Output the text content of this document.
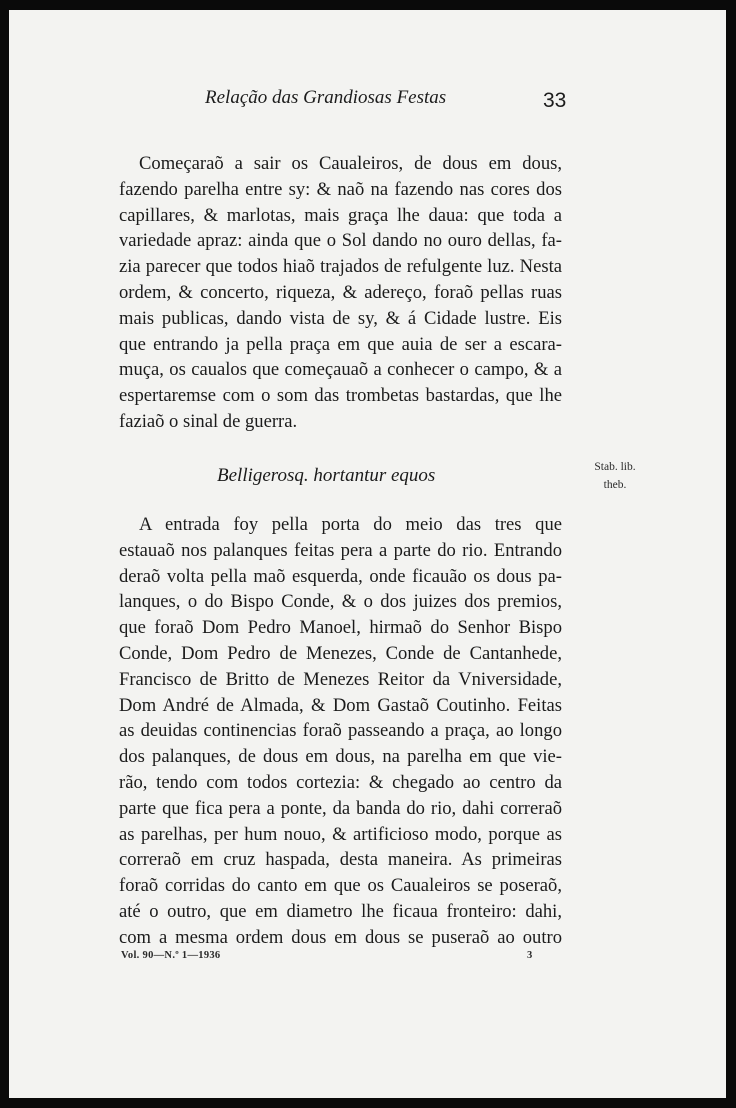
Relação das Grandiosas Festas	33
Começaraõ a sair os Caualeiros, de dous em dous,
fazendo parelha entre sy: & naõ na fazendo nas cores dos
capillares, & marlotas, mais graça lhe daua: que toda a
variedade apraz: ainda que o Sol dando no ouro dellas, fa-
zia parecer que todos hiaõ trajados de refulgente luz. Nesta
ordem, & concerto, riqueza, & adereço, foraõ pellas ruas
mais publicas, dando vista de sy, & á Cidade lustre. Eis
que entrando ja pella praça em que auia de ser a escara-
muça, os caualos que começauaõ a conhecer o campo, & a
espertaremse com o som das trombetas bastardas, que lhe
faziaõ o sinal de guerra.
Belligerosq. hortantur equos	Stab. lib.
theb.
A entrada foy pella porta do meio das tres que
estauaõ nos palanques feitas pera a parte do rio. Entrando
deraõ volta pella maõ esquerda, onde ficauão os dous pa-
lanques, o do Bispo Conde, & o dos juizes dos premios,
que foraõ Dom Pedro Manoel, hirmaõ do Senhor Bispo
Conde, Dom Pedro de Menezes, Conde de Cantanhede,
Francisco de Britto de Menezes Reitor da Vniversidade,
Dom André de Almada, & Dom Gastaõ Coutinho. Feitas
as deuidas continencias foraõ passeando a praça, ao longo
dos palanques, de dous em dous, na parelha em que vie-
rão, tendo com todos cortezia: & chegado ao centro da
parte que fica pera a ponte, da banda do rio, dahi correraõ
as parelhas, per hum nouo, & artificioso modo, porque as
correraõ em cruz haspada, desta maneira. As primeiras
foraõ corridas do canto em que os Caualeiros se poseraõ,
até o outro, que em diametro lhe ficaua fronteiro: dahi,
com a mesma ordem dous em dous se puseraõ ao outro
Vol. 90—N.º 1—1936	3
